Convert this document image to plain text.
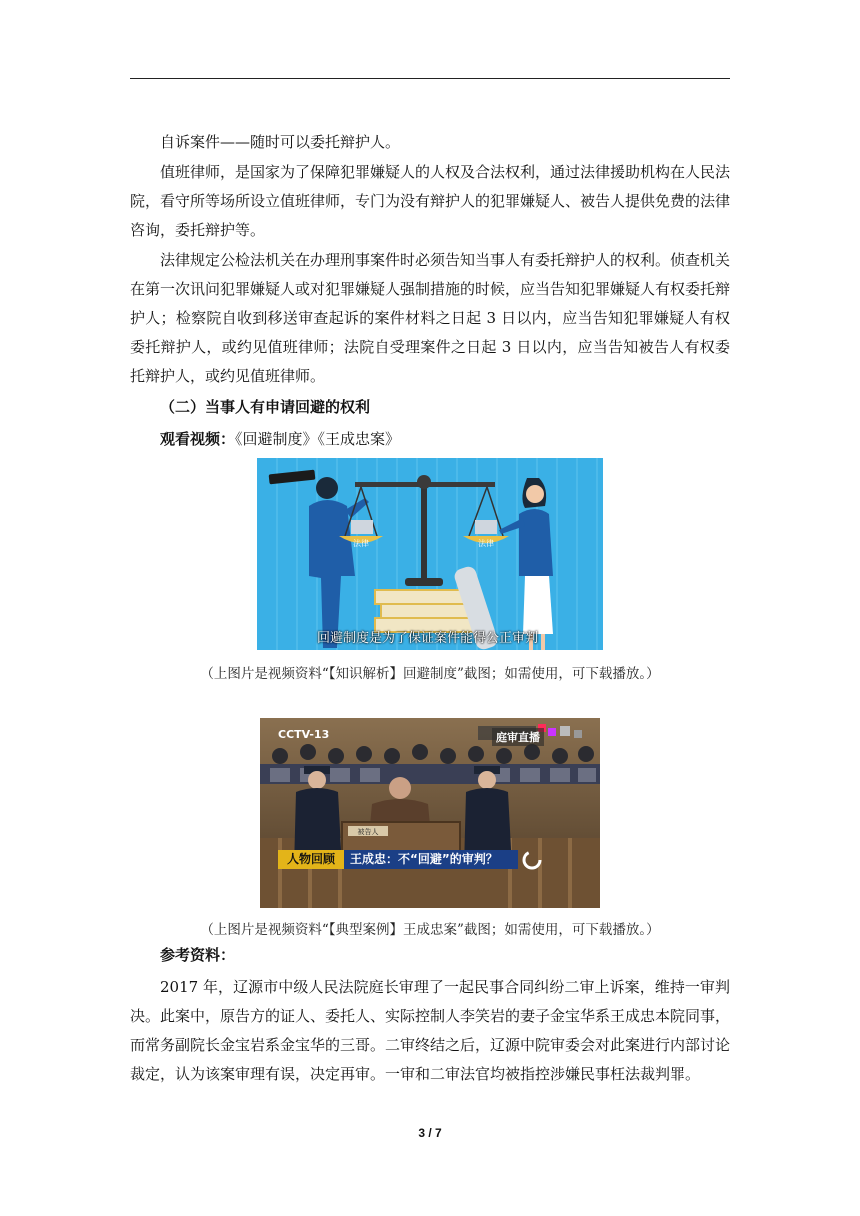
自诉案件——随时可以委托辩护人。

值班律师，是国家为了保障犯罪嫌疑人的人权及合法权利，通过法律援助机构在人民法院，看守所等场所设立值班律师，专门为没有辩护人的犯罪嫌疑人、被告人提供免费的法律咨询，委托辩护等。

法律规定公检法机关在办理刑事案件时必须告知当事人有委托辩护人的权利。侦查机关在第一次讯问犯罪嫌疑人或对犯罪嫌疑人强制措施的时候，应当告知犯罪嫌疑人有权委托辩护人；检察院自收到移送审查起诉的案件材料之日起 3 日以内，应当告知犯罪嫌疑人有权委托辩护人，或约见值班律师；法院自受理案件之日起 3 日以内，应当告知被告人有权委托辩护人，或约见值班律师。

（二）当事人有申请回避的权利

观看视频：《回避制度》《王成忠案》

法律	法律
回避制度是为了保证案件能得公正审判

（上图片是视频资料“【知识解析】回避制度”截图；如需使用，可下载播放。）

被告人
CCTV-13	庭审直播
人物回顾	王成忠：不“回避”的审判？

（上图片是视频资料“【典型案例】王成忠案”截图；如需使用，可下载播放。）

参考资料：

2017 年，辽源市中级人民法院庭长审理了一起民事合同纠纷二审上诉案，维持一审判决。此案中，原告方的证人、委托人、实际控制人李笑岩的妻子金宝华系王成忠本院同事，而常务副院长金宝岩系金宝华的三哥。二审终结之后，辽源中院审委会对此案进行内部讨论裁定，认为该案审理有误，决定再审。一审和二审法官均被指控涉嫌民事枉法裁判罪。

3 / 7
